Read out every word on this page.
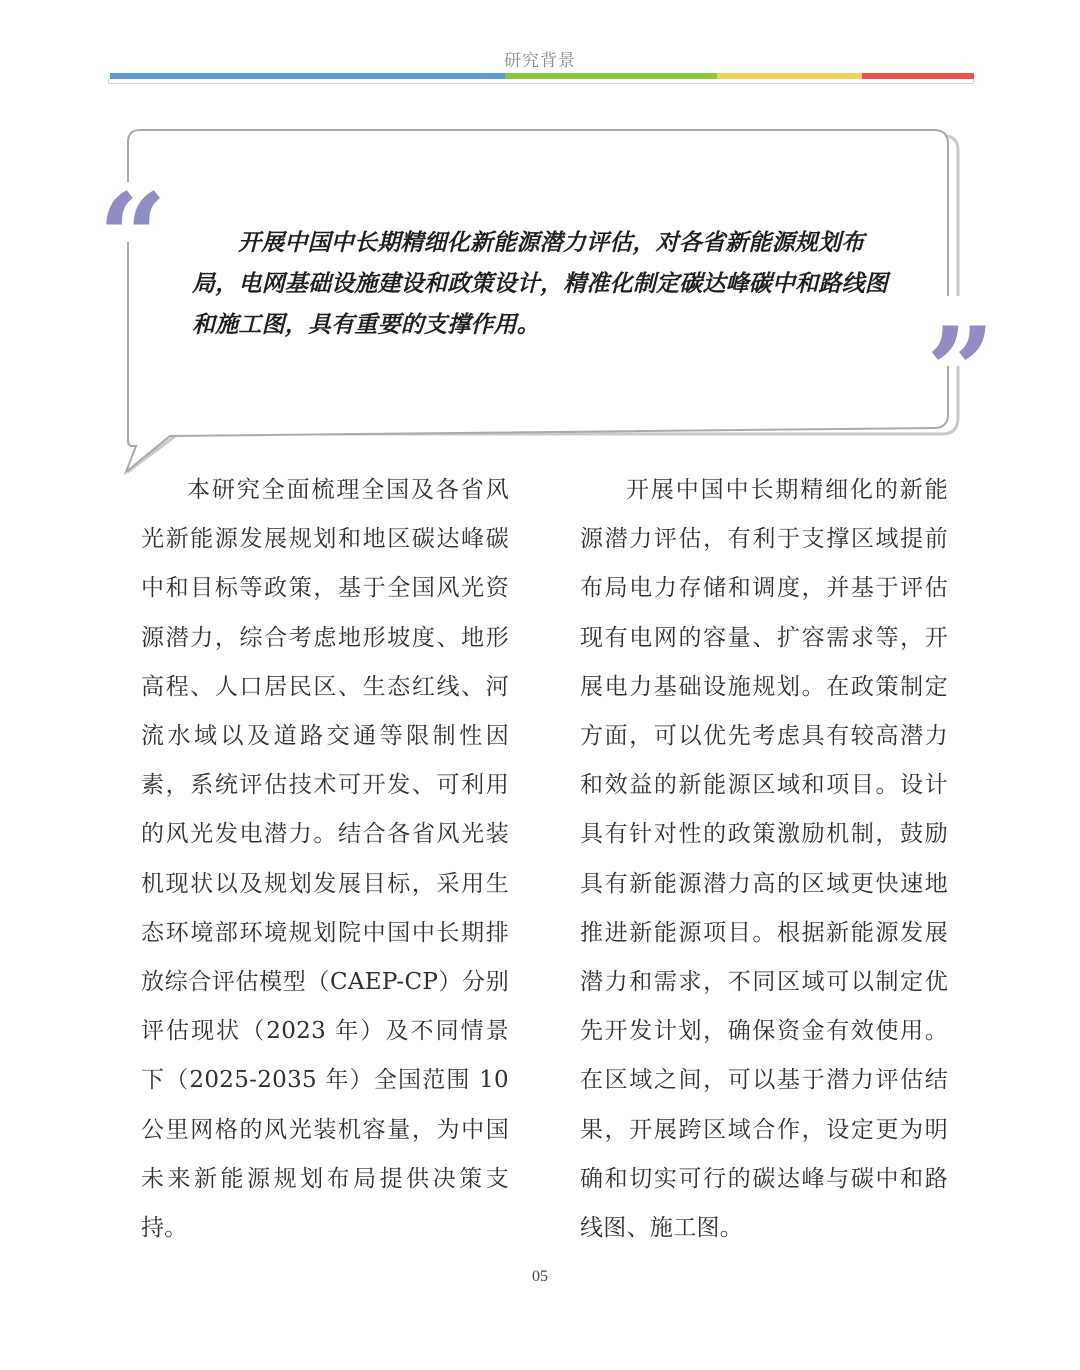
研究背景
“
”
开展中国中长期精细化新能源潜力评估，对各省新能源规划布局，电网基础设施建设和政策设计，精准化制定碳达峰碳中和路线图和施工图，具有重要的支撑作用。
本研究全面梳理全国及各省风光新能源发展规划和地区碳达峰碳中和目标等政策，基于全国风光资源潜力，综合考虑地形坡度、地形高程、人口居民区、生态红线、河流水域以及道路交通等限制性因素，系统评估技术可开发、可利用的风光发电潜力。结合各省风光装机现状以及规划发展目标，采用生态环境部环境规划院中国中长期排放综合评估模型（CAEP-CP）分别评估现状（2023 年）及不同情景下（2025-2035 年）全国范围 10 公里网格的风光装机容量，为中国未来新能源规划布局提供决策支持。
开展中国中长期精细化的新能源潜力评估，有利于支撑区域提前布局电力存储和调度，并基于评估现有电网的容量、扩容需求等，开展电力基础设施规划。在政策制定方面，可以优先考虑具有较高潜力和效益的新能源区域和项目。设计具有针对性的政策激励机制，鼓励具有新能源潜力高的区域更快速地推进新能源项目。根据新能源发展潜力和需求，不同区域可以制定优先开发计划，确保资金有效使用。在区域之间，可以基于潜力评估结果，开展跨区域合作，设定更为明确和切实可行的碳达峰与碳中和路线图、施工图。
05
